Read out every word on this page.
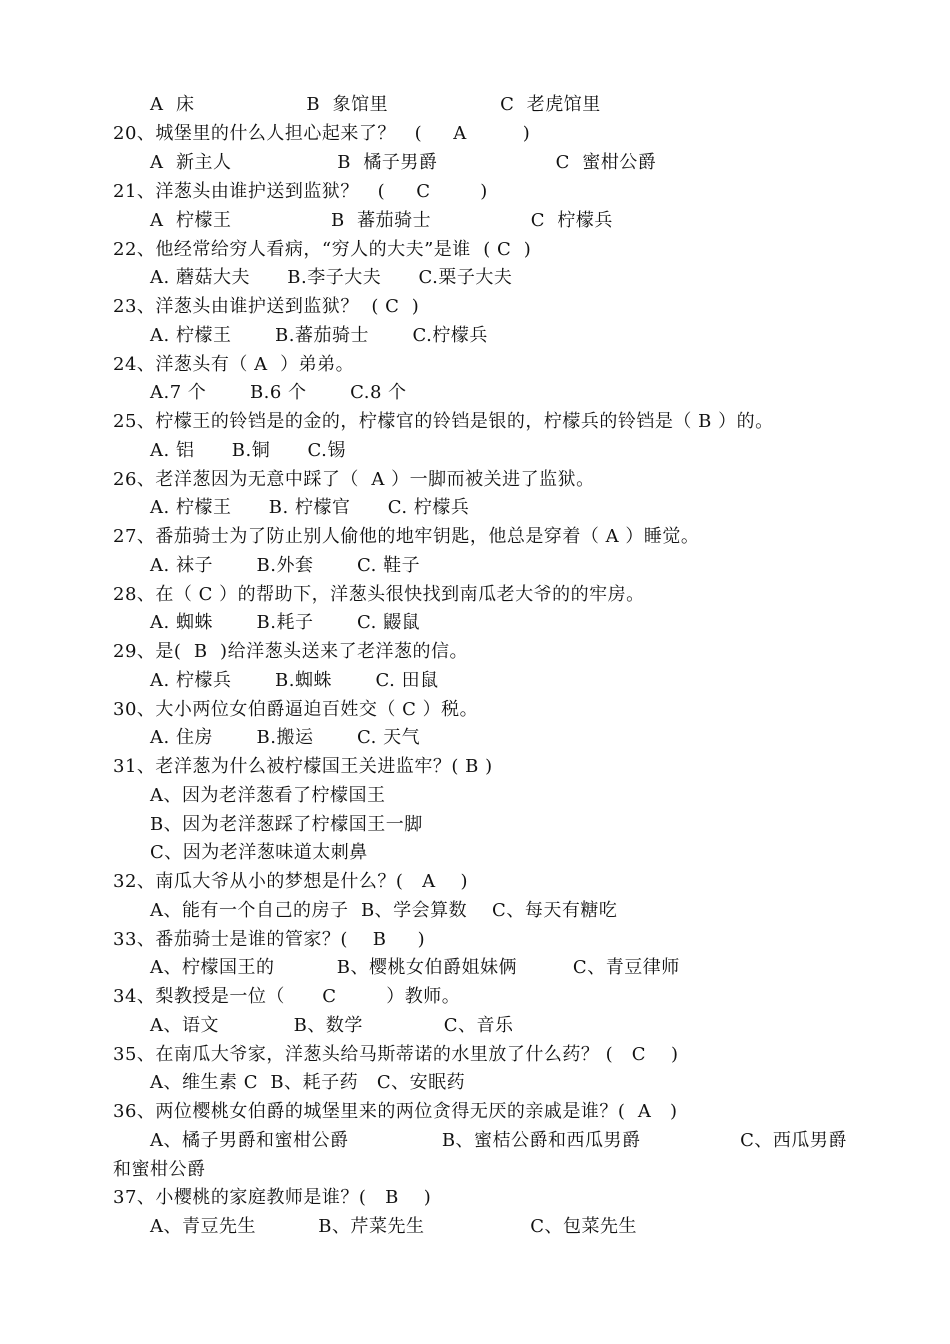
A  床                  B  象馆里                  C  老虎馆里
20、城堡里的什么人担心起来了？   (     A         )
A  新主人                 B  橘子男爵                   C  蜜柑公爵
21、洋葱头由谁护送到监狱？   (     C        )
A  柠檬王                B  蕃茄骑士                C  柠檬兵
22、他经常给穷人看病，“穷人的大夫”是谁  ( C  )
A. 蘑菇大夫      B.李子大夫      C.栗子大夫
23、洋葱头由谁护送到监狱？  ( C  )
A. 柠檬王       B.蕃茄骑士       C.柠檬兵
24、洋葱头有（ A  ）弟弟。
A.7 个       B.6 个       C.8 个
25、柠檬王的铃铛是的金的，柠檬官的铃铛是银的，柠檬兵的铃铛是（ B ）的。
A. 铝      B.铜      C.锡
26、老洋葱因为无意中踩了（  A ）一脚而被关进了监狱。
A. 柠檬王      B. 柠檬官      C. 柠檬兵
27、番茄骑士为了防止别人偷他的地牢钥匙，他总是穿着（ A ）睡觉。
A. 袜子       B.外套       C. 鞋子
28、在（ C ）的帮助下，洋葱头很快找到南瓜老大爷的的牢房。
A. 蜘蛛       B.耗子       C. 鼹鼠
29、是(  B  )给洋葱头送来了老洋葱的信。
A. 柠檬兵       B.蜘蛛       C. 田鼠
30、大小两位女伯爵逼迫百姓交（ C ）税。
A. 住房       B.搬运       C. 天气
31、老洋葱为什么被柠檬国王关进监牢？( B )
A、因为老洋葱看了柠檬国王
B、因为老洋葱踩了柠檬国王一脚
C、因为老洋葱味道太刺鼻
32、南瓜大爷从小的梦想是什么？(   A    )
A、能有一个自己的房子  B、学会算数    C、每天有糖吃
33、番茄骑士是谁的管家？(    B     )
A、柠檬国王的          B、樱桃女伯爵姐妹俩         C、青豆律师
34、梨教授是一位（      C        ）教师。
A、语文            B、数学             C、音乐
35、在南瓜大爷家，洋葱头给马斯蒂诺的水里放了什么药？ (   C    )
A、维生素 C  B、耗子药   C、安眠药
36、两位樱桃女伯爵的城堡里来的两位贪得无厌的亲戚是谁？(  A   )
A、橘子男爵和蜜柑公爵               B、蜜桔公爵和西瓜男爵                C、西瓜男爵
和蜜柑公爵
37、小樱桃的家庭教师是谁？(   B    )
A、青豆先生          B、芹菜先生                 C、包菜先生
